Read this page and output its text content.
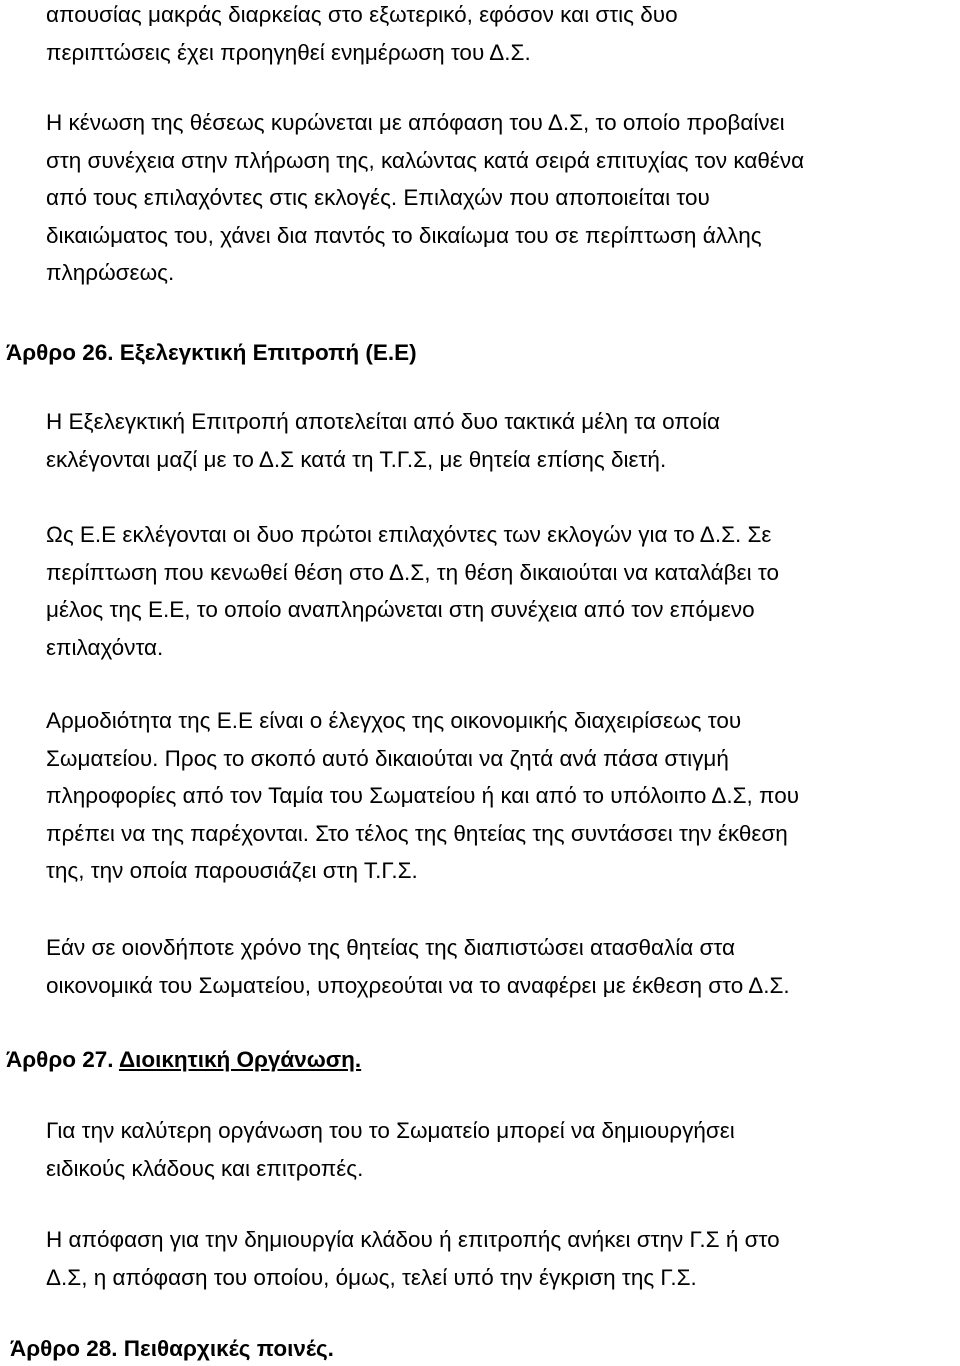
απουσίας μακράς διαρκείας στο εξωτερικό, εφόσον και στις δυο
περιπτώσεις έχει προηγηθεί ενημέρωση του Δ.Σ.
Η κένωση της θέσεως κυρώνεται με απόφαση του Δ.Σ, το οποίο προβαίνει
στη συνέχεια στην πλήρωση της, καλώντας κατά σειρά επιτυχίας τον καθένα
από τους επιλαχόντες στις εκλογές. Επιλαχών που αποποιείται του
δικαιώματος του, χάνει δια παντός το δικαίωμα του σε περίπτωση άλλης
πληρώσεως.
Άρθρο 26. Εξελεγκτική Επιτροπή (Ε.Ε)
Η Εξελεγκτική Επιτροπή αποτελείται από δυο τακτικά μέλη τα οποία
εκλέγονται μαζί με το Δ.Σ κατά τη Τ.Γ.Σ, με θητεία επίσης διετή.
Ως Ε.Ε εκλέγονται οι δυο πρώτοι επιλαχόντες των εκλογών για το Δ.Σ. Σε
περίπτωση που κενωθεί θέση στο Δ.Σ, τη θέση δικαιούται να καταλάβει το
μέλος της Ε.Ε, το οποίο αναπληρώνεται στη συνέχεια από τον επόμενο
επιλαχόντα.
Αρμοδιότητα της Ε.Ε είναι ο έλεγχος της οικονομικής διαχειρίσεως του
Σωματείου. Προς το σκοπό αυτό δικαιούται να ζητά ανά πάσα στιγμή
πληροφορίες από τον Ταμία του Σωματείου ή και από το υπόλοιπο Δ.Σ, που
πρέπει να της παρέχονται. Στο τέλος της θητείας της συντάσσει την έκθεση
της, την οποία παρουσιάζει στη Τ.Γ.Σ.
Εάν σε οιονδήποτε χρόνο της θητείας της διαπιστώσει ατασθαλία στα
οικονομικά του Σωματείου, υποχρεούται να το αναφέρει με έκθεση στο Δ.Σ.
Άρθρο 27. Διοικητική Οργάνωση.
Για την καλύτερη οργάνωση του το Σωματείο μπορεί να δημιουργήσει
ειδικούς κλάδους και επιτροπές.
Η απόφαση για την δημιουργία κλάδου ή επιτροπής ανήκει στην Γ.Σ ή στο
Δ.Σ, η απόφαση του οποίου, όμως, τελεί υπό την έγκριση της Γ.Σ.
Άρθρο 28. Πειθαρχικές ποινές.
